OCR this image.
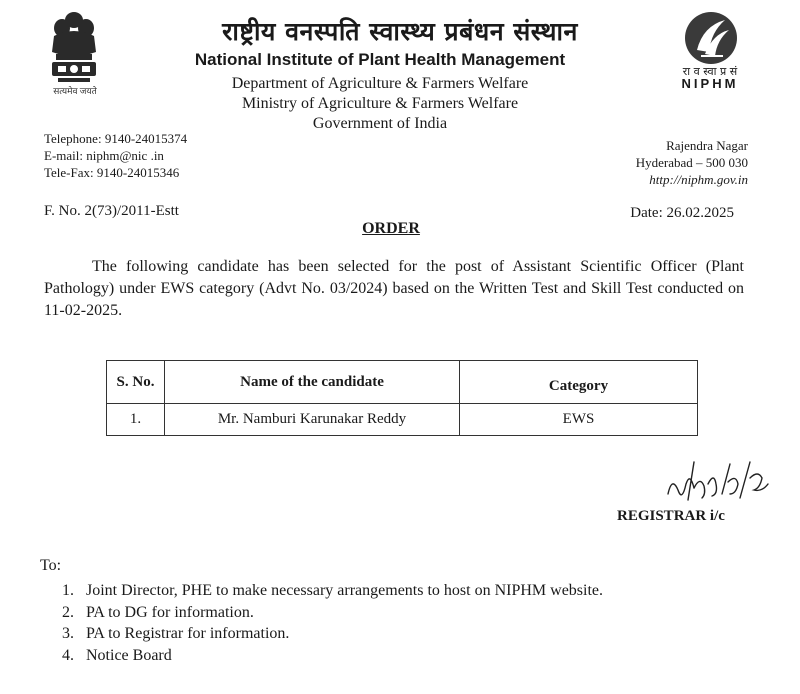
सत्यमेव जयते
राष्ट्रीय वनस्पति स्वास्थ्य प्रबंधन संस्थान
National Institute of Plant Health Management
Department of Agriculture & Farmers Welfare
Ministry of Agriculture & Farmers Welfare
Government of India
रा व स्वा प्र सं
NIPHM
Telephone: 9140-24015374
E-mail: niphm@nic .in
Tele-Fax: 9140-24015346
Rajendra Nagar
Hyderabad – 500 030
http://niphm.gov.in
F. No. 2(73)/2011-Estt	Date: 26.02.2025
ORDER
The following candidate has been selected for the post of Assistant Scientific Officer (Plant Pathology) under EWS category (Advt No. 03/2024) based on the Written Test and Skill Test conducted on 11-02-2025.
S. No.	Name of the candidate	Category
1.	Mr. Namburi Karunakar Reddy	EWS
REGISTRAR i/c
To:
1. Joint Director, PHE to make necessary arrangements to host on NIPHM website.
2. PA to DG for information.
3. PA to Registrar for information.
4. Notice Board
